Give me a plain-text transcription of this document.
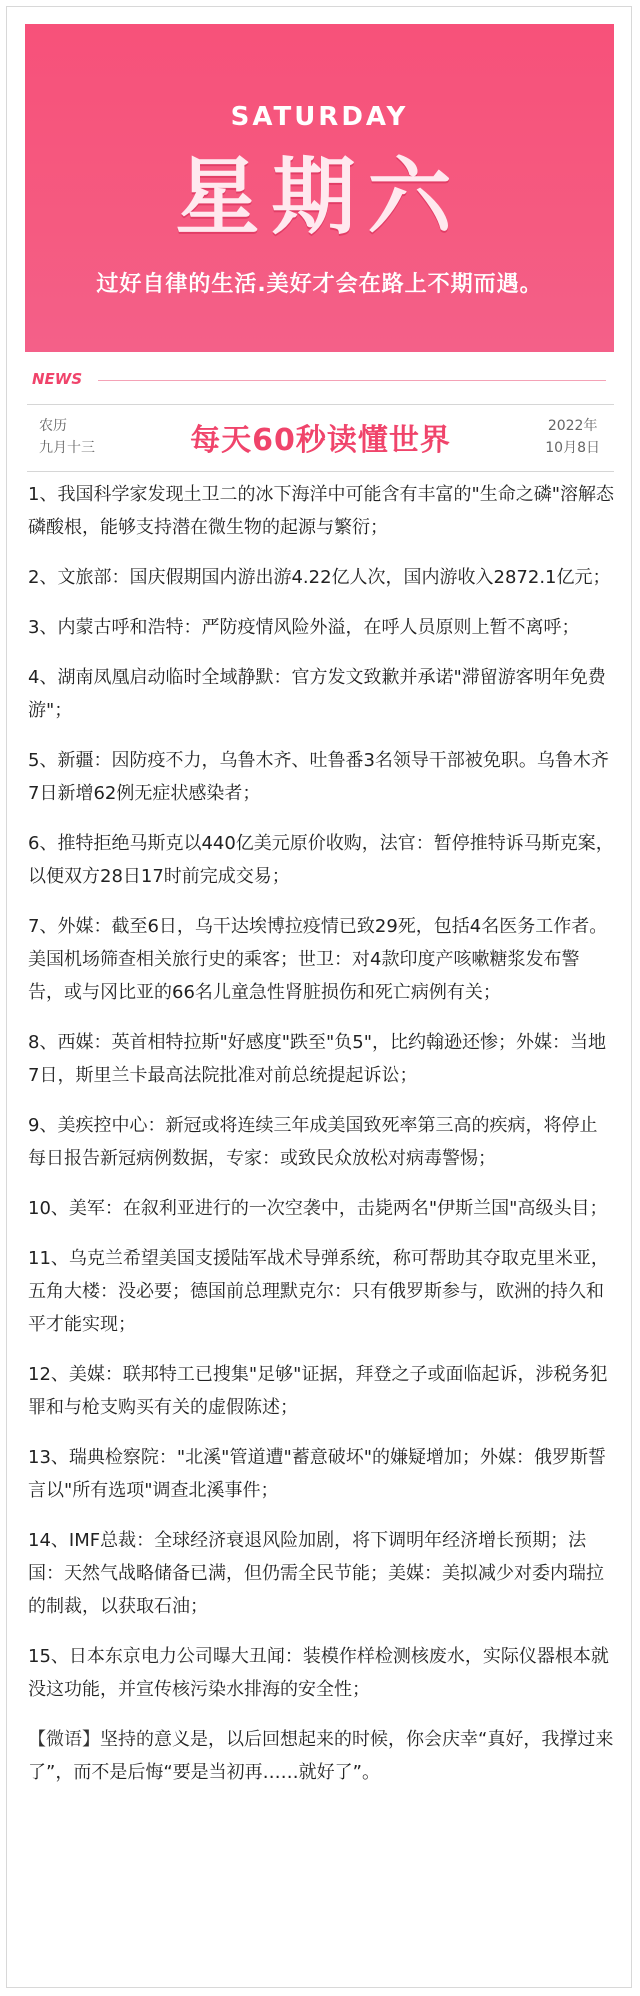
SATURDAY
星期六
过好自律的生活.美好才会在路上不期而遇。
NEWS
农历
九月十三	每天60秒读懂世界	2022年
10月8日

1、我国科学家发现土卫二的冰下海洋中可能含有丰富的"生命之磷"溶解态磷酸根，能够支持潜在微生物的起源与繁衍；

2、文旅部：国庆假期国内游出游4.22亿人次，国内游收入2872.1亿元；

3、内蒙古呼和浩特：严防疫情风险外溢，在呼人员原则上暂不离呼；

4、湖南凤凰启动临时全域静默：官方发文致歉并承诺"滞留游客明年免费游"；

5、新疆：因防疫不力，乌鲁木齐、吐鲁番3名领导干部被免职。乌鲁木齐7日新增62例无症状感染者；

6、推特拒绝马斯克以440亿美元原价收购，法官：暂停推特诉马斯克案，以便双方28日17时前完成交易；

7、外媒：截至6日，乌干达埃博拉疫情已致29死，包括4名医务工作者。美国机场筛查相关旅行史的乘客；世卫：对4款印度产咳嗽糖浆发布警告，或与冈比亚的66名儿童急性肾脏损伤和死亡病例有关；

8、西媒：英首相特拉斯"好感度"跌至"负5"，比约翰逊还惨；外媒：当地7日，斯里兰卡最高法院批准对前总统提起诉讼；

9、美疾控中心：新冠或将连续三年成美国致死率第三高的疾病，将停止每日报告新冠病例数据，专家：或致民众放松对病毒警惕；

10、美军：在叙利亚进行的一次空袭中，击毙两名"伊斯兰国"高级头目；

11、乌克兰希望美国支援陆军战术导弹系统，称可帮助其夺取克里米亚，五角大楼：没必要；德国前总理默克尔：只有俄罗斯参与，欧洲的持久和平才能实现；

12、美媒：联邦特工已搜集"足够"证据，拜登之子或面临起诉，涉税务犯罪和与枪支购买有关的虚假陈述；

13、瑞典检察院："北溪"管道遭"蓄意破坏"的嫌疑增加；外媒：俄罗斯誓言以"所有选项"调查北溪事件；

14、IMF总裁：全球经济衰退风险加剧，将下调明年经济增长预期；法国：天然气战略储备已满，但仍需全民节能；美媒：美拟减少对委内瑞拉的制裁，以获取石油；

15、日本东京电力公司曝大丑闻：装模作样检测核废水，实际仪器根本就没这功能，并宣传核污染水排海的安全性；

【微语】坚持的意义是，以后回想起来的时候，你会庆幸“真好，我撑过来了”，而不是后悔“要是当初再……就好了”。
